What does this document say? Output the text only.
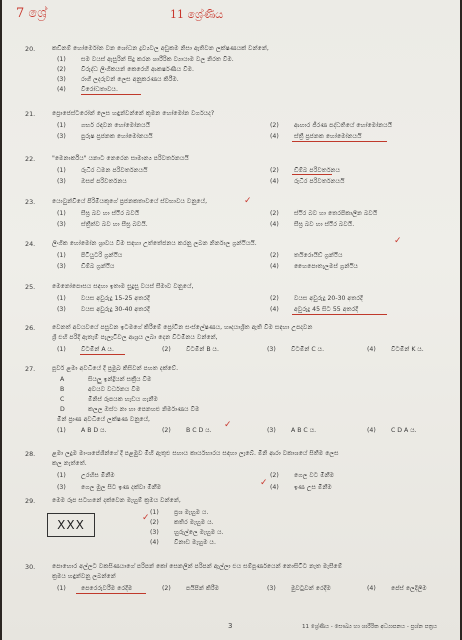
7 ශ්‍රේ	11 ශ්‍රේණිය
20.	කඩිනම් හෝර්මෝන වන ශෝධන ද්‍රව්‍යවල අඩුකම නිසා ඇතිවන ලක්ෂණයක් වන්නේ,
(1) සම වයස් ඇසුරින් සිදු කරන ශාරීරික ව්‍යායාම වල නිරත වීම.
(2) විරුද්ධ ලිංගිකයන් කෙරෙහි ආකර්ෂණීය වීම.
(3) රාගී ලදරුවන් ලෙස අනුකරණය කිරීම.
(4) විරෝධතාවය.
21.	ප්‍රොජෙස්ටරෝන් ලෙස හඳුන්වන්නේ කුමන හෝමෝන වර්ගයද?
(1) ගර්භ රඳවන හෝමෝනයයි	(2) ආහාර ජීරණ පද්ධතියේ හෝමෝනයයි
(3) පුරුෂ ප්‍රජනක හෝමෝනයයි	(4) ස්ත්‍රී ප්‍රජනක හෝමෝනයයි
22.	"මෙනාර්කිය" යනාට නෙරෙන සාමාන්‍ය පරිවර්තනයයි
(1) රුධිර ධමන පරිවර්තනයයි	(2) ඩිම්බ පරිවර්තනය
(3) ඔසප් පරිවර්තනය	(4) රුධිර පරිවර්තනයයි
23.	යොවුන්වියේ පිරිමියකුගේ ප්‍රජනකතාවයේ ස්වභාවය වනුයේ,
(1) සීඝ්‍ර බව හා ස්ථිර බවයි	(2) ස්ථිර බව හා තෙරපිකාලීන බවයි
(3) ස්ත්‍රීත්ව බව හා සීඝ්‍ර බවයි.	(4) සීඝ්‍ර බව හා ස්ථිර බවයි.
✓
24.	ලිංගික හෝමෝන ශ්‍රාවය වීම සඳහා උත්තේජනය කරනු ලබන නිර්නාල ග්‍රන්ථියයි.
(1) පිටියුටරි ග්‍රන්ථිය	(2) තයිරොයිඩ් ග්‍රන්ථිය
(3) ඩිම්බ ග්‍රන්ථිය	(4) හෛපොතැලමස් ග්‍රන්ථිය
✓
25.	මෙනෝපොසය සඳහා ඉතාම සුදුසු වයස් සීමාව වනුයේ,
(1) වයස අවුරුදු 15-25 අතරදී	(2) වයස අවුරුදු 20-30 අතරදී
(3) වයස අවුරුදු 30-40 අතරදී	(4) අවුරුදු 45 සිට 55 අතරදී
26.	වෙනත් අවයවයේ පසුවන ඉටමගේ කිරීමේ ප්‍රෝටීන සංස්ලේෂණය, හෘදයාශ්‍රිත ඇති වීම සඳහා උපදවන
ශ්‍රී එහි පරිදි ඇතැම් පැලෑටිවල ආශ්‍රය ලබා දෙන විටමිනය වන්නේ,
(1) විටමින් A ය.	(2) විටමින් B ය.	(3) විටමින් C ය.	(4) විටමින් K ය.
27.	පූර්ව ළමා අවධියේ දී ප්‍රමුඛ කිසිවන් පහත දක්වේ.
A	සියලු ඉන්ද්‍රියන් සක්‍රීය වීම
B	අවයව වර්ධනය වීම
C	මිනිස් රූපයක හැඩය ගැනීම
D	කලල ඔස්ථ නා හා පෙනහළු නිර්මාණය වීම
මින් ප්‍රාණ අවධියේ ලක්ෂණ වනුයේ,
(1) A B D ය.	(2) B C D ය.	(3) A B C ය.	(4) C D A ය.
✓
28.	ළමා ලදුම මාංශපේශීන්ගේ දී පළමුව මිහි ඇතුළු සහාය කාර්යභාරය සඳහා ලැබේ. මිනි ආරා වකාශයේ සිතීම ලෙස
කල නැත්තේ.
(1) උරහිස මිනීම	(2) ගෙල වට මිනීම
(3) ගෙල මුල සිට ඉණ දක්වා මිනීම	(4) ඉණ උස මිනීම
✓
29.	මෙම රූප සටහනේ දක්වෙන මැහුම් ක්‍රමය වන්නේ,
XXX
(1) ප්‍රශ මැහුම ය.
(2) කතිර මැහුම ය.
(3) හුරුල්ලෙ මැහුම ය.
(4) විනාඩ මැහුම ය.
✓
30.	පොහොර අල්ලට වකසිණයාගේ පරිපන් කෝ සෙනලින් පරිපන් ඇල්ලා එය සම්පූර්ණයෙන් නොසිටිට නැත මැසීමේ
ක්‍රමය හඳුන්වනු ලබන්නේ
(1) පෙරෙරුවරීම රෙදීම	(2) පයිපින් කිරීම	(3) මුවටුවන් රෙදීම	(4) පේස් ලෙදිලීම
3	11 ශ්‍රේණිය - සෞඛ්‍ය හා ශාරීරික අධ්‍යාපනය - ප්‍රශ්න පත්‍රය
